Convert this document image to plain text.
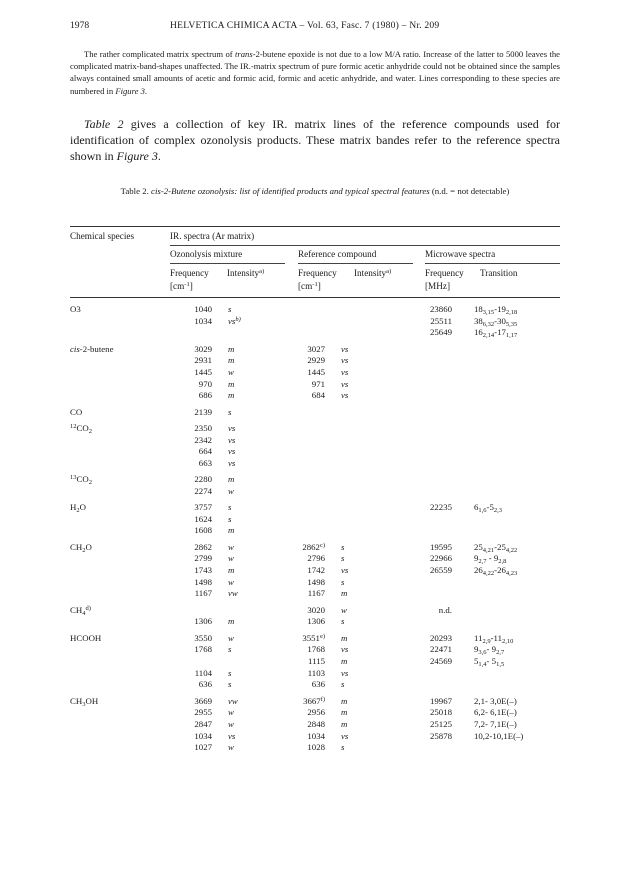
1978	HELVETICA CHIMICA ACTA – Vol. 63, Fasc. 7 (1980) – Nr. 209
The rather complicated matrix spectrum of trans-2-butene epoxide is not due to a low M/A ratio. Increase of the latter to 5000 leaves the complicated matrix-band-shapes unaffected. The IR.-matrix spectrum of pure formic acetic anhydride could not be obtained since the samples always contained small amounts of acetic and formic acid, formic and acetic anhydride, and water. Lines corresponding to these species are numbered in Figure 3.
Table 2 gives a collection of key IR. matrix lines of the reference compounds used for identification of complex ozonolysis products. These matrix bandes refer to the reference spectra shown in Figure 3.
Table 2. cis-2-Butene ozonolysis: list of identified products and typical spectral features (n.d. = not detectable)
Chemical species	IR. spectra (Ar matrix)
Ozonolysis mixture	Reference compound	Microwave spectra
Frequency Intensity$^{a)}$	Frequency Intensity$^{a)}$	Frequency Transition
$[cm^{-1}]$	$[cm^{-1}]$	[MHz]
O3	1040	s			23860	$18_{3,15}-19_{2,18}$
	1034	$vs^{b)}$			25511	$38_{6,32}-30_{5,35}$
					25649	$16_{2,14}-17_{1,17}$

cis-2-butene	3029	m	3027	vs		
	2931	m	2929	vs		
	1445	w	1445	vs		
	970	m	971	vs		
	686	m	684	vs		

CO	2139	s				

$^{12}CO_2$	2350	vs				
	2342	vs				
	664	vs				
	663	vs				

$^{13}CO_2$	2280	m				
	2274	w				

$H_2O$	3757	s			22235	$6_{1,6}-5_{2,3}$
	1624	s				
	1608	m				

$CH_2O$	2862	w	2862$^{c)}$	s	19595	$25_{4,21}-25_{4,22}$
	2799	w	2796	s	22966	$9_{2,7} - 9_{2,8}$
	1743	m	1742	vs	26559	$26_{4,22}-26_{4,23}$
	1498	w	1498	s		
	1167	vw	1167	m		

$CH_4^{d)}$			3020	w	n.d.	
	1306	m	1306	s		

HCOOH	3550	w	3551$^{e)}$	m	20293	$11_{2,9}-11_{2,10}$
	1768	s	1768	vs	22471	$9_{3,6}-$ $9_{2,7}$
			1115	m	24569	$5_{1,4}-$ $5_{1,5}$
	1104	s	1103	vs		
	636	s	636	s		

$CH_3OH$	3669	vw	3667$^{f)}$	m	19967	2,1- 3,0E(–)
	2955	w	2956	m	25018	6,2- 6,1E(–)
	2847	w	2848	m	25125	7,2- 7,1E(–)
	1034	vs	1034	vs	25878	10,2-10,1E(–)
	1027	w	1028	s		
